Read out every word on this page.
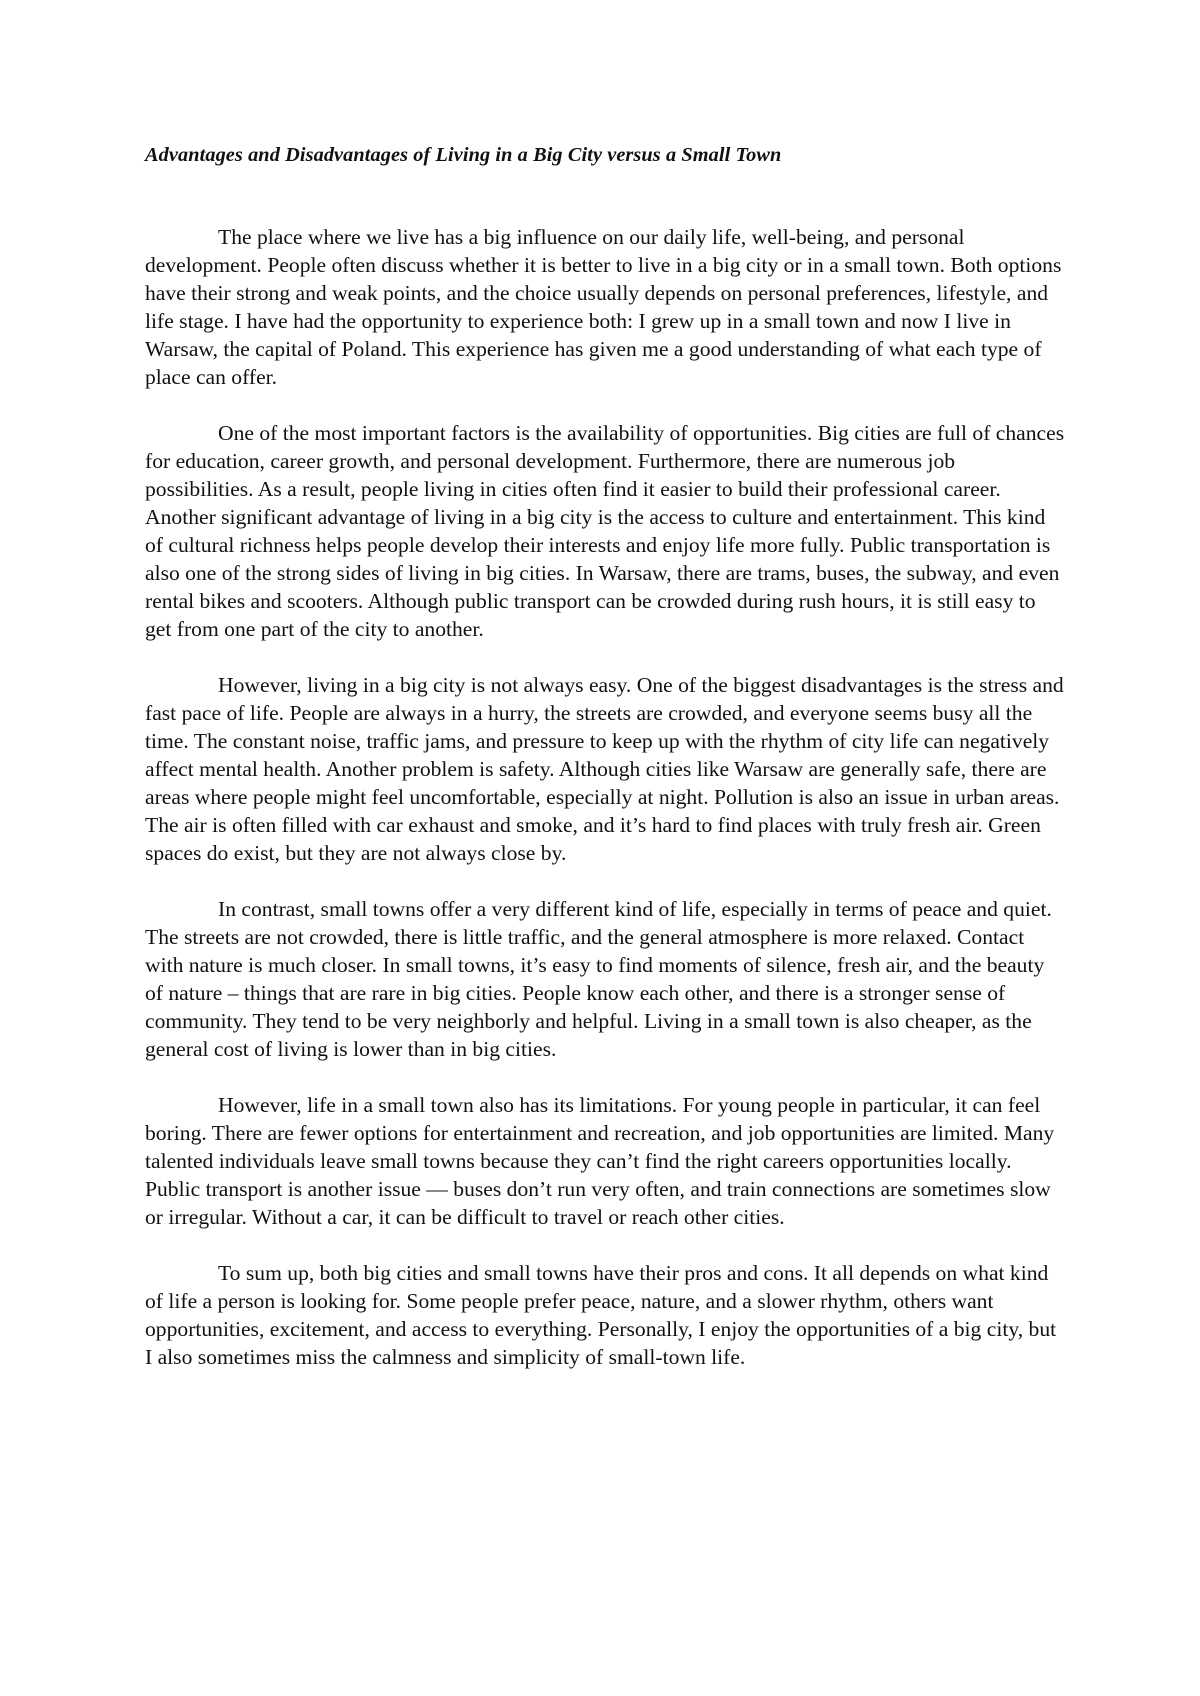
Advantages and Disadvantages of Living in a Big City versus a Small Town

The place where we live has a big influence on our daily life, well-being, and personal development. People often discuss whether it is better to live in a big city or in a small town. Both options have their strong and weak points, and the choice usually depends on personal preferences, lifestyle, and life stage. I have had the opportunity to experience both: I grew up in a small town and now I live in Warsaw, the capital of Poland. This experience has given me a good understanding of what each type of place can offer.

One of the most important factors is the availability of opportunities. Big cities are full of chances for education, career growth, and personal development. Furthermore, there are numerous job possibilities. As a result, people living in cities often find it easier to build their professional career. Another significant advantage of living in a big city is the access to culture and entertainment. This kind of cultural richness helps people develop their interests and enjoy life more fully. Public transportation is also one of the strong sides of living in big cities. In Warsaw, there are trams, buses, the subway, and even rental bikes and scooters. Although public transport can be crowded during rush hours, it is still easy to get from one part of the city to another.

However, living in a big city is not always easy. One of the biggest disadvantages is the stress and fast pace of life. People are always in a hurry, the streets are crowded, and everyone seems busy all the time. The constant noise, traffic jams, and pressure to keep up with the rhythm of city life can negatively affect mental health. Another problem is safety. Although cities like Warsaw are generally safe, there are areas where people might feel uncomfortable, especially at night. Pollution is also an issue in urban areas. The air is often filled with car exhaust and smoke, and it’s hard to find places with truly fresh air. Green spaces do exist, but they are not always close by.

In contrast, small towns offer a very different kind of life, especially in terms of peace and quiet. The streets are not crowded, there is little traffic, and the general atmosphere is more relaxed. Contact with nature is much closer. In small towns, it’s easy to find moments of silence, fresh air, and the beauty of nature – things that are rare in big cities. People know each other, and there is a stronger sense of community. They tend to be very neighborly and helpful. Living in a small town is also cheaper, as the general cost of living is lower than in big cities.

However, life in a small town also has its limitations. For young people in particular, it can feel boring. There are fewer options for entertainment and recreation, and job opportunities are limited. Many talented individuals leave small towns because they can’t find the right careers opportunities locally. Public transport is another issue — buses don’t run very often, and train connections are sometimes slow or irregular. Without a car, it can be difficult to travel or reach other cities.

To sum up, both big cities and small towns have their pros and cons. It all depends on what kind of life a person is looking for. Some people prefer peace, nature, and a slower rhythm, others want opportunities, excitement, and access to everything. Personally, I enjoy the opportunities of a big city, but I also sometimes miss the calmness and simplicity of small-town life.
